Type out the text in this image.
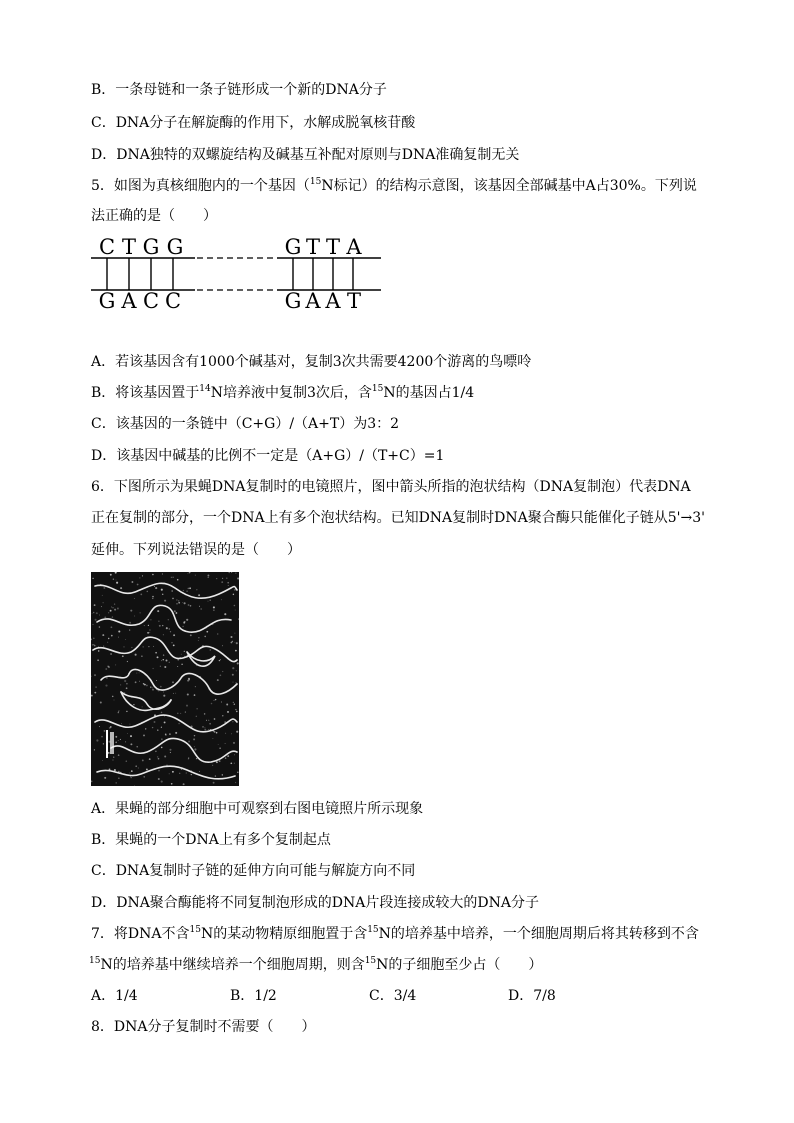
B．一条母链和一条子链形成一个新的DNA分子
C．DNA分子在解旋酶的作用下，水解成脱氧核苷酸
D．DNA独特的双螺旋结构及碱基互补配对原则与DNA准确复制无关
5．如图为真核细胞内的一个基因（$^{15}$N标记）的结构示意图，该基因全部碱基中A占30%。下列说
法正确的是（　　）
C T G G
G A C C
G T T A
G A A T
A．若该基因含有1000个碱基对，复制3次共需要4200个游离的鸟嘌呤
B．将该基因置于$^{14}$N培养液中复制3次后，含$^{15}$N的基因占1/4
C．该基因的一条链中（C+G）/（A+T）为3：2
D．该基因中碱基的比例不一定是（A+G）/（T+C）=1
6．下图所示为果蝇DNA复制时的电镜照片，图中箭头所指的泡状结构（DNA复制泡）代表DNA
正在复制的部分，一个DNA上有多个泡状结构。已知DNA复制时DNA聚合酶只能催化子链从5'→3'
延伸。下列说法错误的是（　　）
A．果蝇的部分细胞中可观察到右图电镜照片所示现象
B．果蝇的一个DNA上有多个复制起点
C．DNA复制时子链的延伸方向可能与解旋方向不同
D．DNA聚合酶能将不同复制泡形成的DNA片段连接成较大的DNA分子
7．将DNA不含$^{15}$N的某动物精原细胞置于含$^{15}$N的培养基中培养，一个细胞周期后将其转移到不含
$^{15}$N的培养基中继续培养一个细胞周期，则含$^{15}$N的子细胞至少占（　　）
A．1/4	B．1/2	C．3/4	D．7/8
8．DNA分子复制时不需要（　　）
